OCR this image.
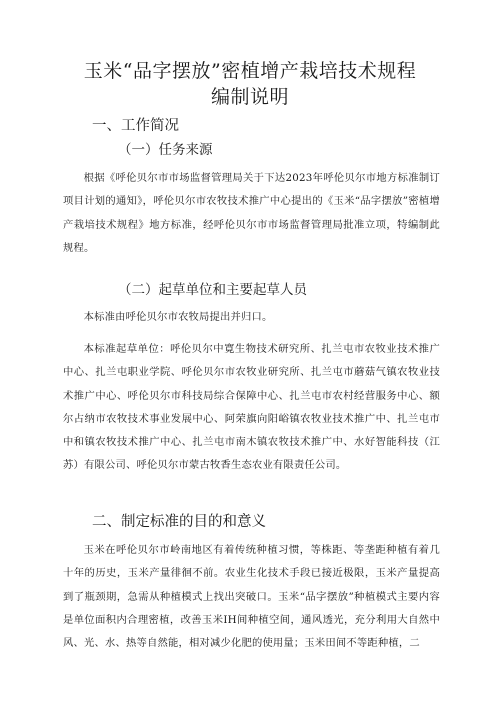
玉米“品字摆放”密植增产栽培技术规程
编制说明
一、工作简况
（一）任务来源

根据《呼伦贝尔市市场监督管理局关于下达2023年呼伦贝尔市地方标准制订项目计划的通知》，呼伦贝尔市农牧技术推广中心提出的《玉米“品字摆放”密植增产栽培技术规程》地方标准，经呼伦贝尔市市场监督管理局批准立项，特编制此规程。

（二）起草单位和主要起草人员

本标准由呼伦贝尔市农牧局提出并归口。

本标准起草单位：呼伦贝尔中寛生物技术研究所、扎兰屯市农牧业技术推广中心、扎兰屯职业学院、呼伦贝尔市农牧业研究所、扎兰屯市蘑菇气镇农牧业技术推广中心、呼伦贝尔市科技局综合保障中心、扎兰屯市农村经营服务中心、额尔占纳市农牧技术事业发展中心、阿荣旗向阳峪镇农牧业技术推广中、扎兰屯市中和镇农牧技术推广中心、扎兰屯市南木镇农牧技术推广中、水好智能科技（江苏）有限公司、呼伦贝尔市蒙古牧香生态农业有限责任公司。

二、制定标准的目的和意义

玉米在呼伦贝尔市岭南地区有着传统种植习惯，等株距、等垄距种植有着几十年的历史，玉米产量徘徊不前。农业生化技术手段已接近极限，玉米产量提高到了瓶颈期，急需从种植模式上找出突破口。玉米“品字摆放”种植模式主要内容是单位面积内合理密植，改善玉米IH间种植空间，通风透光，充分利用大自然中风、光、水、热等自然能，相对减少化肥的使用量；玉米田间不等距种植，二
